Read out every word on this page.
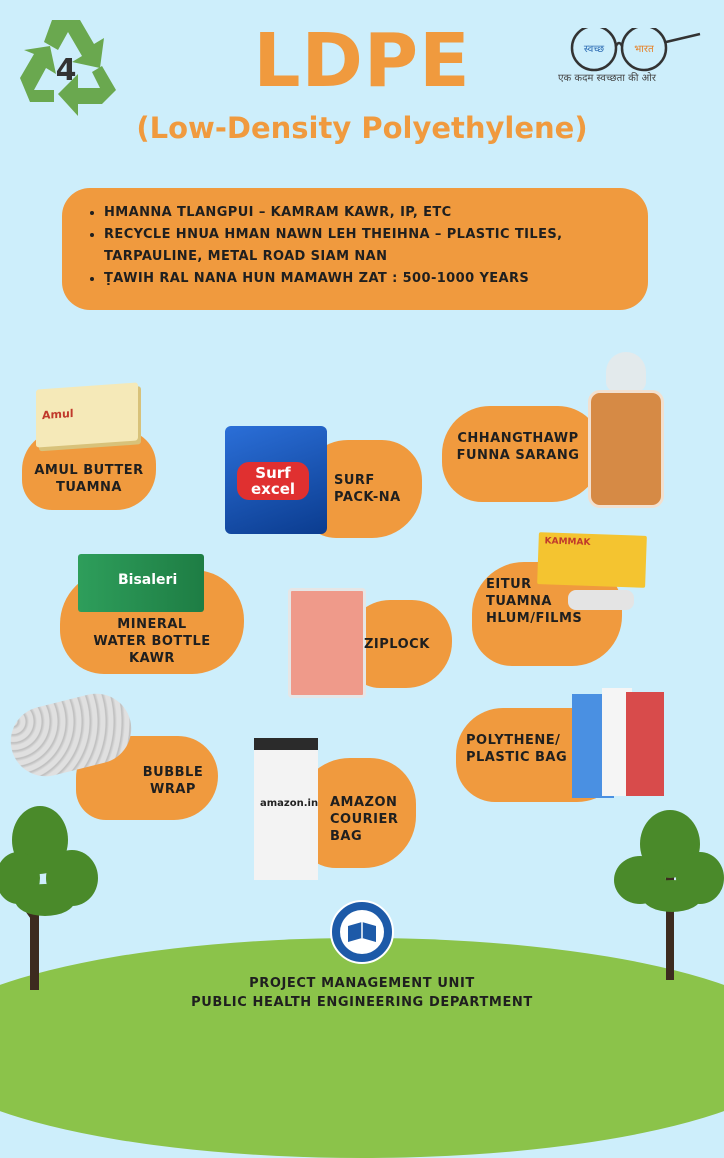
4	LDPE
(Low-Density Polyethylene)
स्वच्छ	भारत
एक कदम स्वच्छता की ओर
• HMANNA TLANGPUI – KAMRAM KAWR, IP, ETC
• RECYCLE HNUA HMAN NAWN LEH THEIHNA – PLASTIC TILES, TARPAULINE, METAL ROAD SIAM NAN
• ṬAWIH RAL NANA HUN MAMAWH ZAT : 500-1000 YEARS
Amul
AMUL BUTTER
TUAMNA
Surf excel	SURF
PACK-NA
CHHANGTHAWP
FUNNA SARANG
Bisaleri
MINERAL
WATER BOTTLE
KAWR
ZIPLOCK
KAMMAK
EITUR
TUAMNA
HLUM/FILMS
BUBBLE
WRAP
amazon.in AMAZON
COURIER
BAG
POLYTHENE/
PLASTIC BAG
PROJECT MANAGEMENT UNIT
PUBLIC HEALTH ENGINEERING DEPARTMENT
